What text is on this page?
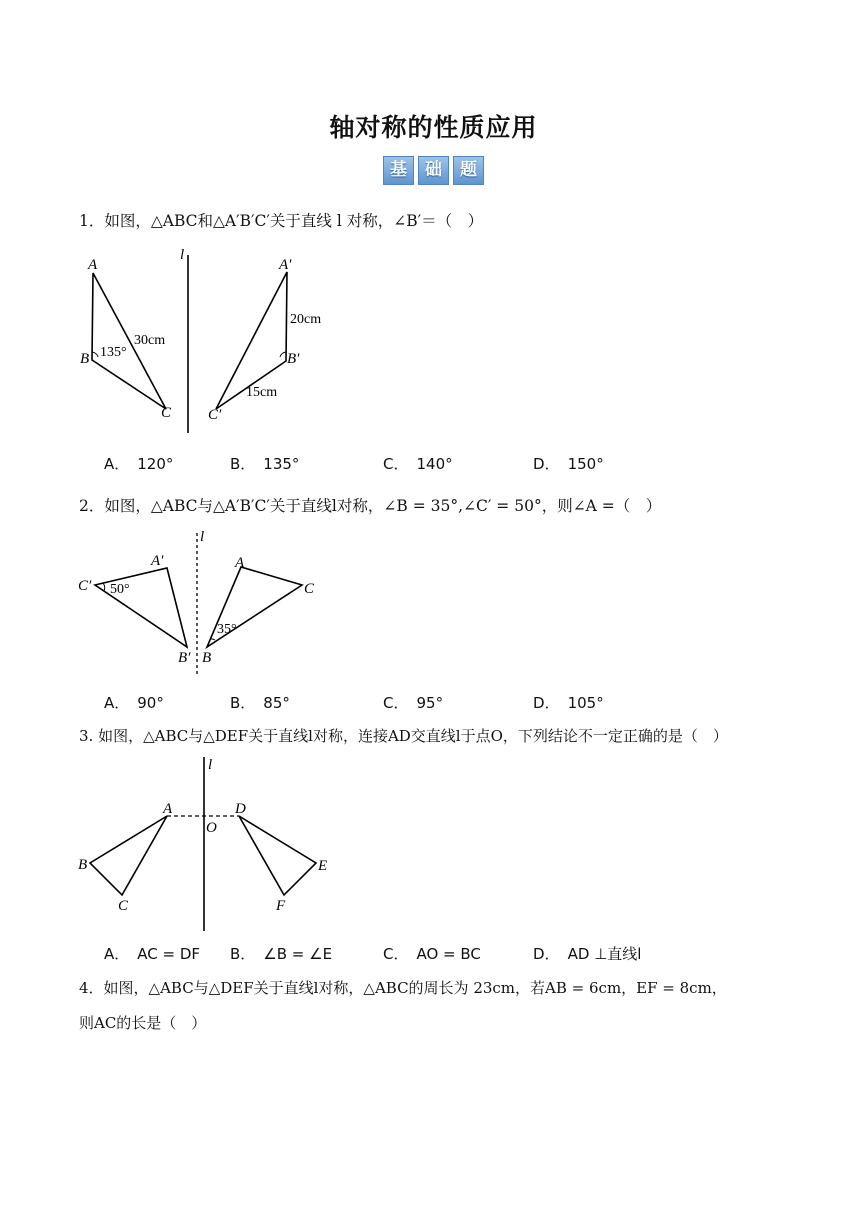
轴对称的性质应用
基	础	题
1．如图，△ABC和△A′B′C′关于直线 l 对称，∠B′＝（　）
A
B
C
135°
30cm
l
A′
B′
C′
20cm
15cm
A． 120°	B． 135°	C． 140°	D． 150°
2．如图，△ABC与△A′B′C′关于直线l对称，∠B = 35°,∠C′ = 50°，则∠A =（　）
l
A′
C′ 50°
B′ B
35°
A
C
A． 90°	B． 85°	C． 95°	D． 105°
3. 如图，△ABC与△DEF关于直线l对称，连接AD交直线l于点O，下列结论不一定正确的是（　）
l
A
O
D
B
C
E
F
A． AC = DF B． ∠B = ∠E	C． AO = BC	D． AD ⊥直线l
4．如图，△ABC与△DEF关于直线l对称，△ABC的周长为 23cm，若AB = 6cm，EF = 8cm，
则AC的长是（　）
